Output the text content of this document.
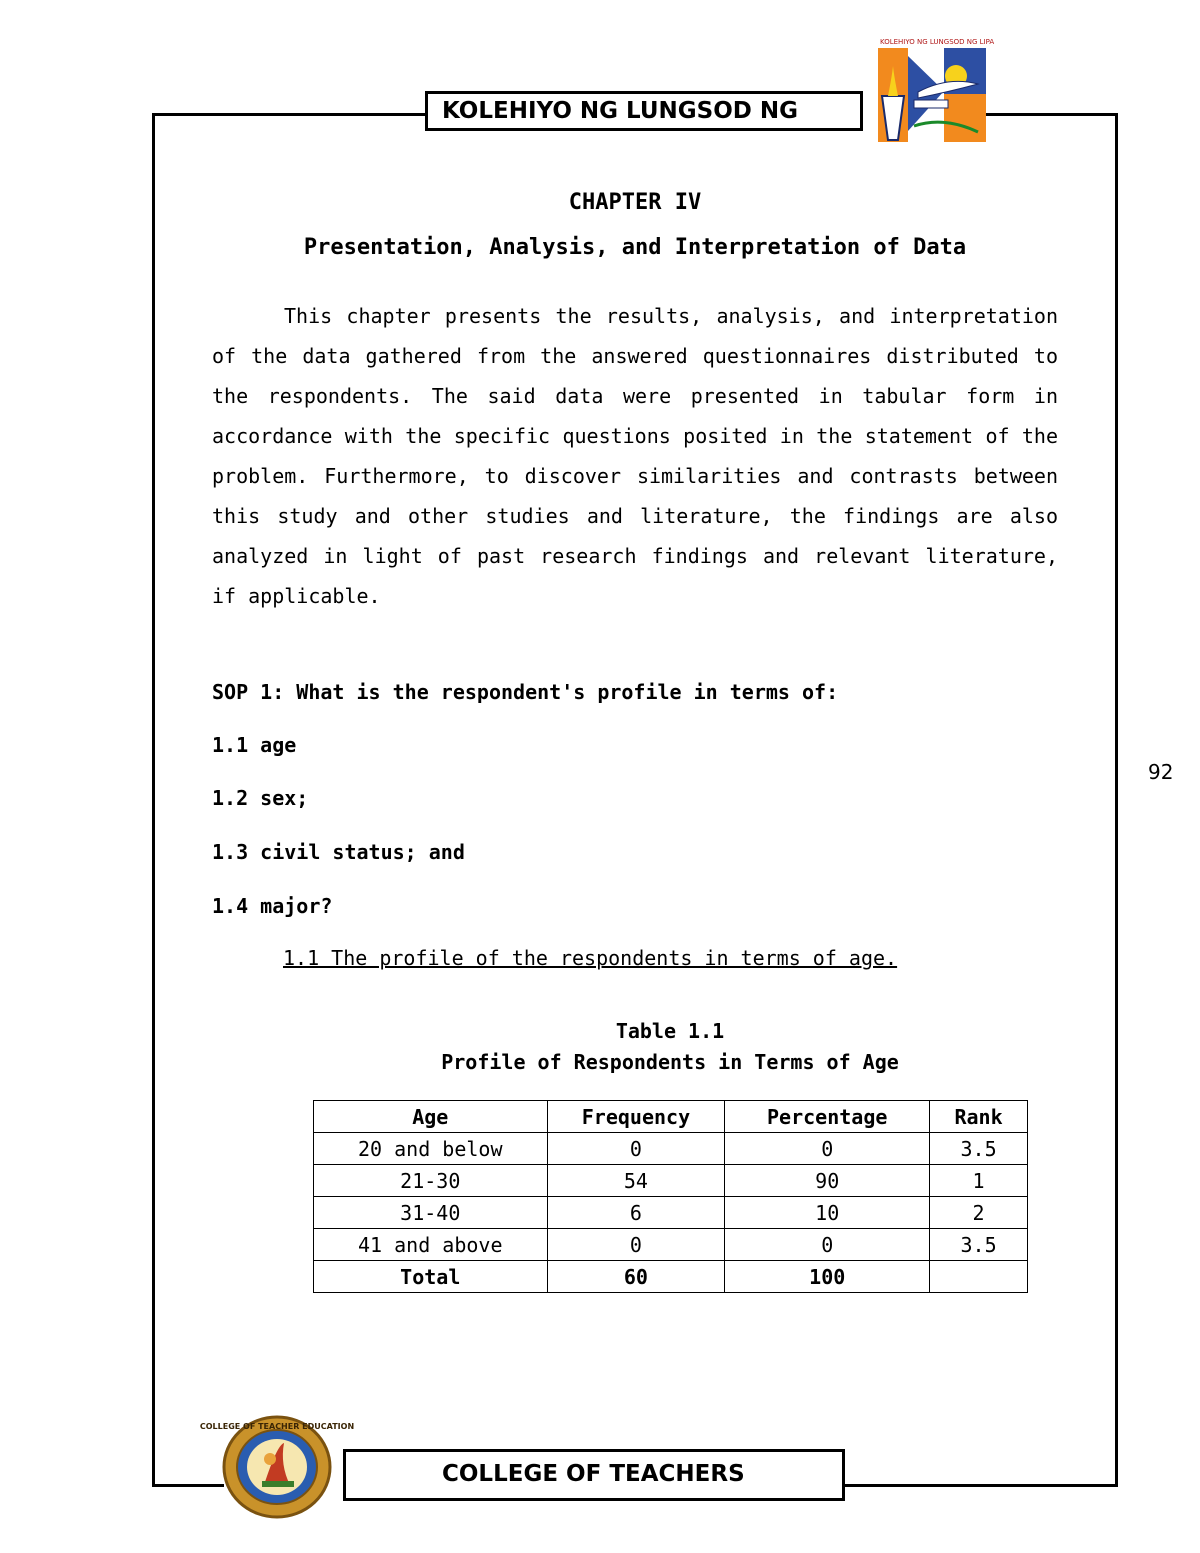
KOLEHIYO NG LUNGSOD NG
KOLEHIYO NG LUNGSOD NG LIPA
92
CHAPTER IV
Presentation, Analysis, and Interpretation of Data

This chapter presents the results, analysis, and interpretation of the data gathered from the answered questionnaires distributed to the respondents. The said data were presented in tabular form in accordance with the specific questions posited in the statement of the problem. Furthermore, to discover similarities and contrasts between this study and other studies and literature, the findings are also analyzed in light of past research findings and relevant literature, if applicable.

SOP 1: What is the respondent's profile in terms of:
1.1 age
1.2 sex;
1.3 civil status; and
1.4 major?
1.1 The profile of the respondents in terms of age.
Table 1.1
Profile of Respondents in Terms of Age
Age	Frequency	Percentage	Rank
20 and below	0	0	3.5
21-30	54	90	1
31-40	6	10	2
41 and above	0	0	3.5
Total	60	100	
COLLEGE OF TEACHER EDUCATION
COLLEGE OF TEACHERS
